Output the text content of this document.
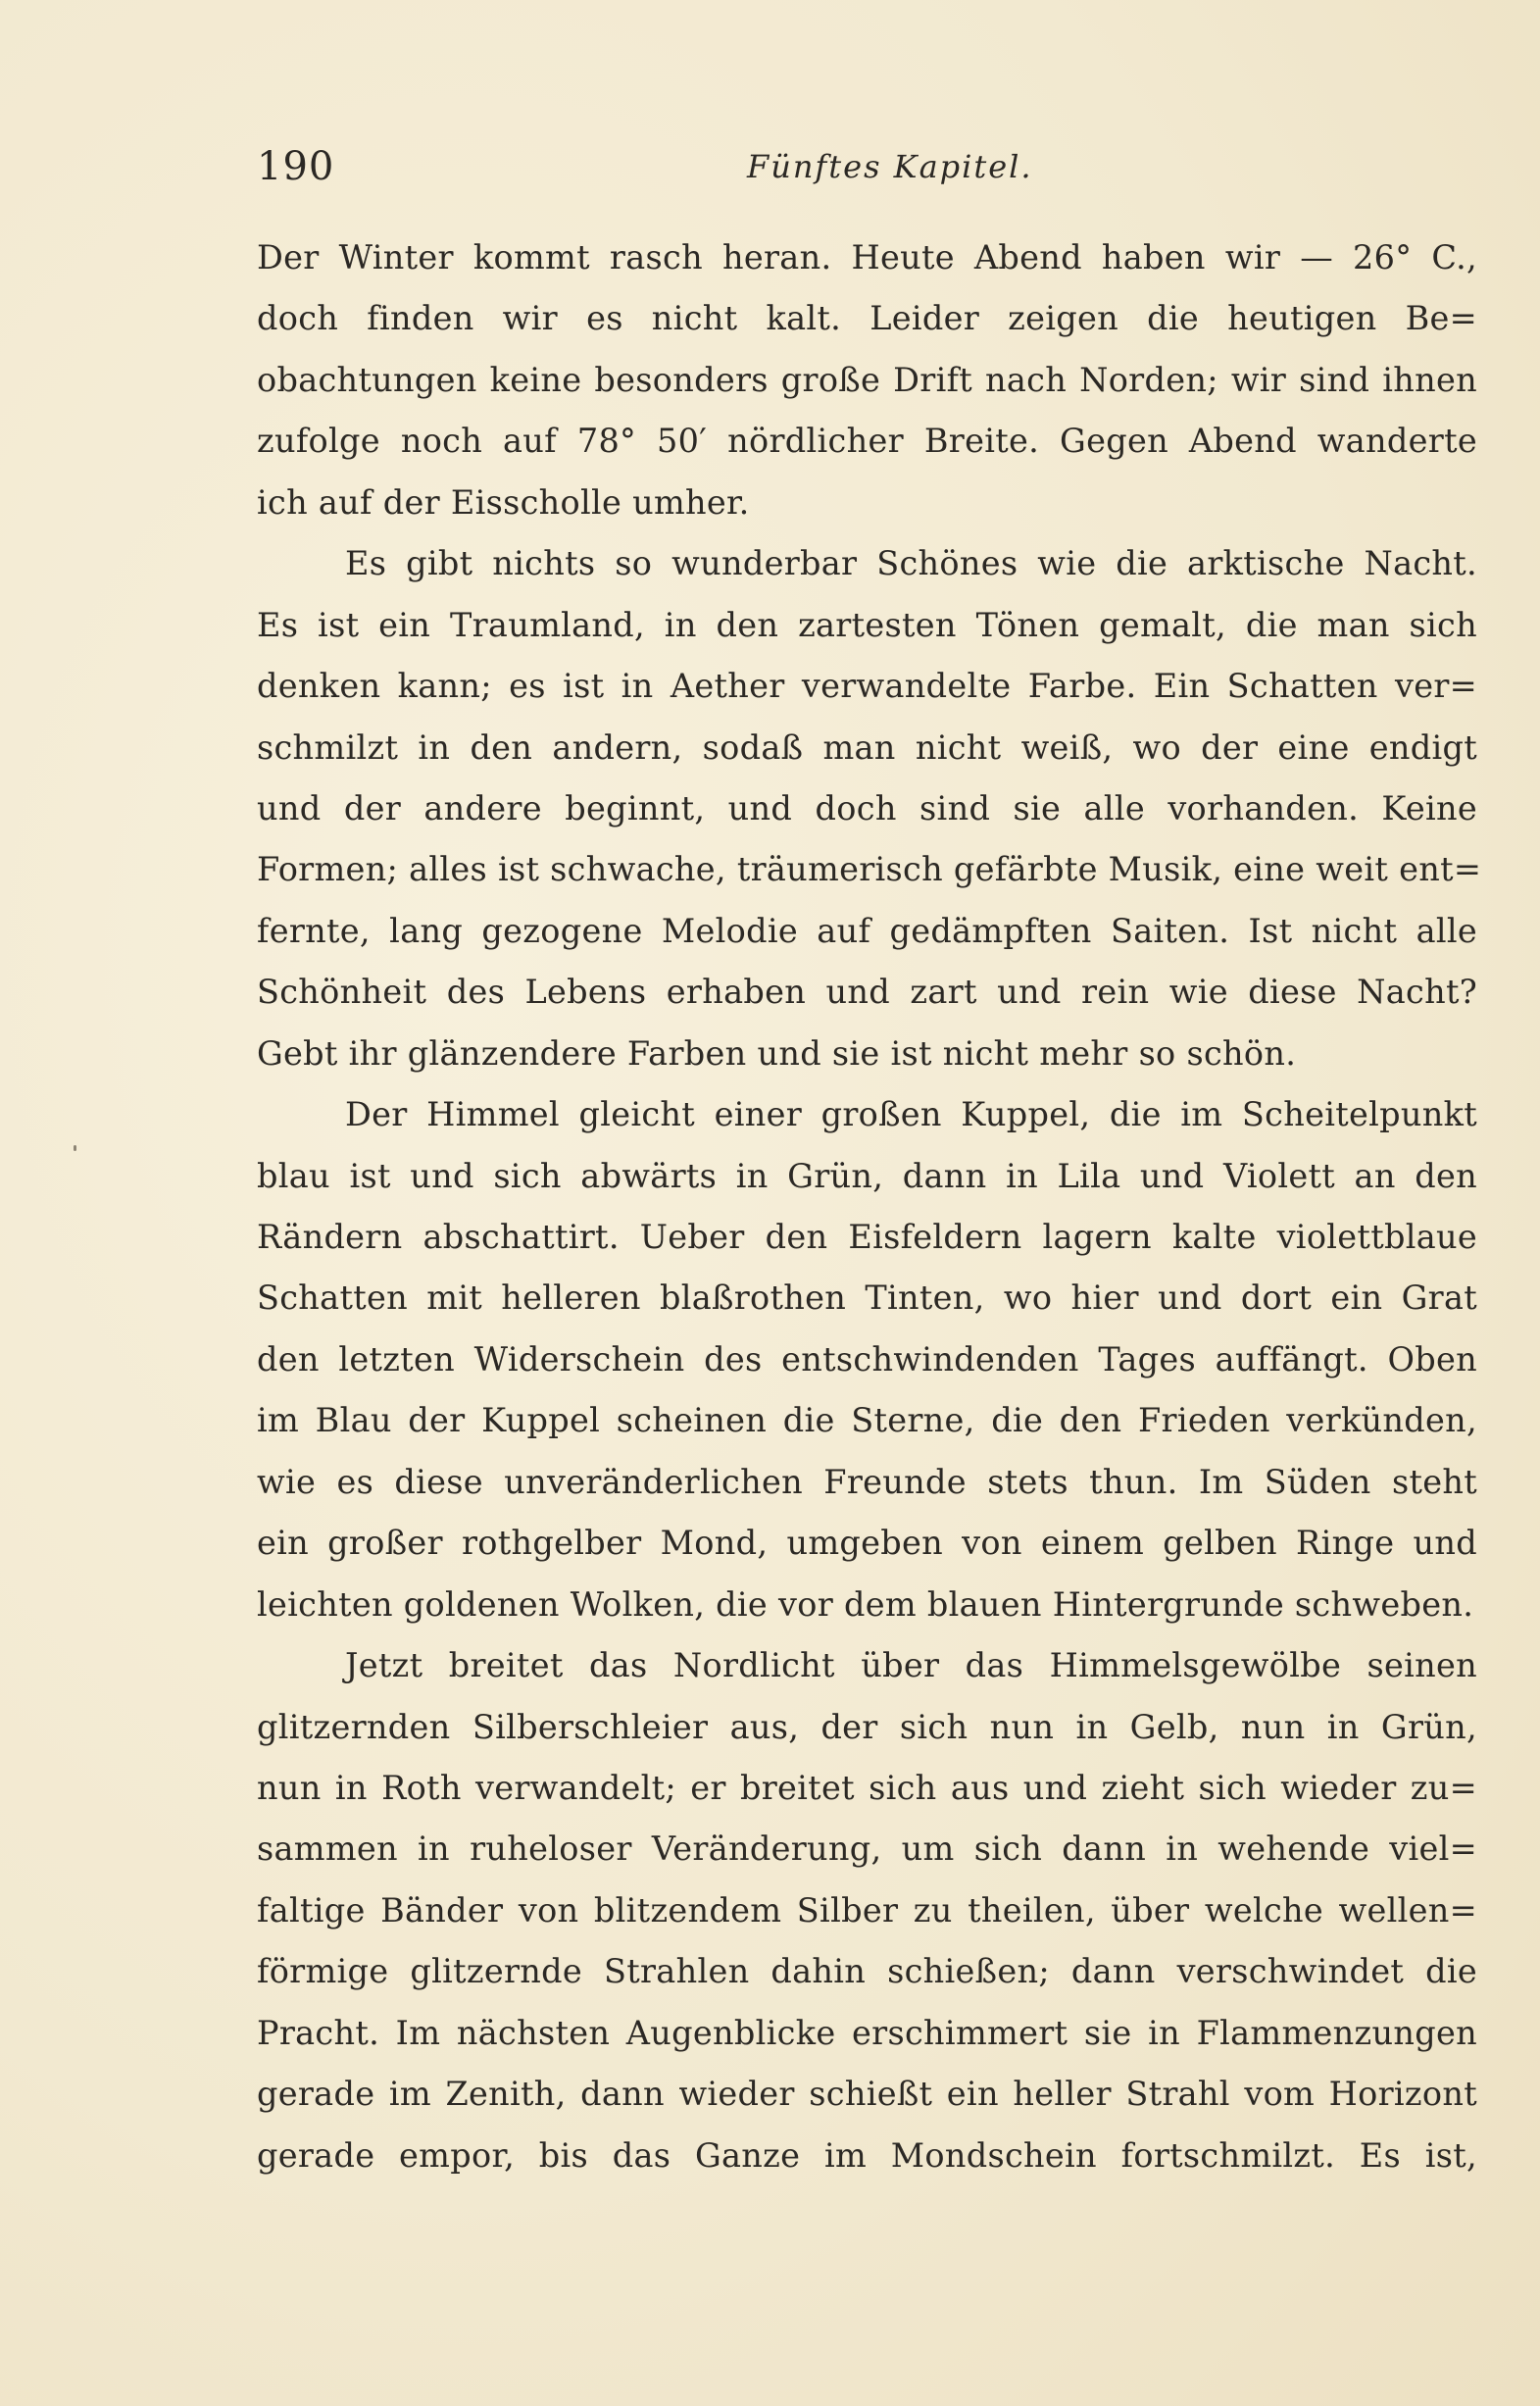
190	Fünftes Kapitel.
Der Winter kommt rasch heran. Heute Abend haben wir — 26° C.,
doch finden wir es nicht kalt. Leider zeigen die heutigen Be=
obachtungen keine besonders große Drift nach Norden; wir sind ihnen
zufolge noch auf 78° 50′ nördlicher Breite. Gegen Abend wanderte
ich auf der Eisscholle umher.
Es gibt nichts so wunderbar Schönes wie die arktische Nacht.
Es ist ein Traumland, in den zartesten Tönen gemalt, die man sich
denken kann; es ist in Aether verwandelte Farbe. Ein Schatten ver=
schmilzt in den andern, sodaß man nicht weiß, wo der eine endigt
und der andere beginnt, und doch sind sie alle vorhanden. Keine
Formen; alles ist schwache, träumerisch gefärbte Musik, eine weit ent=
fernte, lang gezogene Melodie auf gedämpften Saiten. Ist nicht alle
Schönheit des Lebens erhaben und zart und rein wie diese Nacht?
Gebt ihr glänzendere Farben und sie ist nicht mehr so schön.
Der Himmel gleicht einer großen Kuppel, die im Scheitelpunkt
blau ist und sich abwärts in Grün, dann in Lila und Violett an den
Rändern abschattirt. Ueber den Eisfeldern lagern kalte violettblaue
Schatten mit helleren blaßrothen Tinten, wo hier und dort ein Grat
den letzten Widerschein des entschwindenden Tages auffängt. Oben
im Blau der Kuppel scheinen die Sterne, die den Frieden verkünden,
wie es diese unveränderlichen Freunde stets thun. Im Süden steht
ein großer rothgelber Mond, umgeben von einem gelben Ringe und
leichten goldenen Wolken, die vor dem blauen Hintergrunde schweben.
Jetzt breitet das Nordlicht über das Himmelsgewölbe seinen
glitzernden Silberschleier aus, der sich nun in Gelb, nun in Grün,
nun in Roth verwandelt; er breitet sich aus und zieht sich wieder zu=
sammen in ruheloser Veränderung, um sich dann in wehende viel=
faltige Bänder von blitzendem Silber zu theilen, über welche wellen=
förmige glitzernde Strahlen dahin schießen; dann verschwindet die
Pracht. Im nächsten Augenblicke erschimmert sie in Flammenzungen
gerade im Zenith, dann wieder schießt ein heller Strahl vom Horizont
gerade empor, bis das Ganze im Mondschein fortschmilzt. Es ist,
